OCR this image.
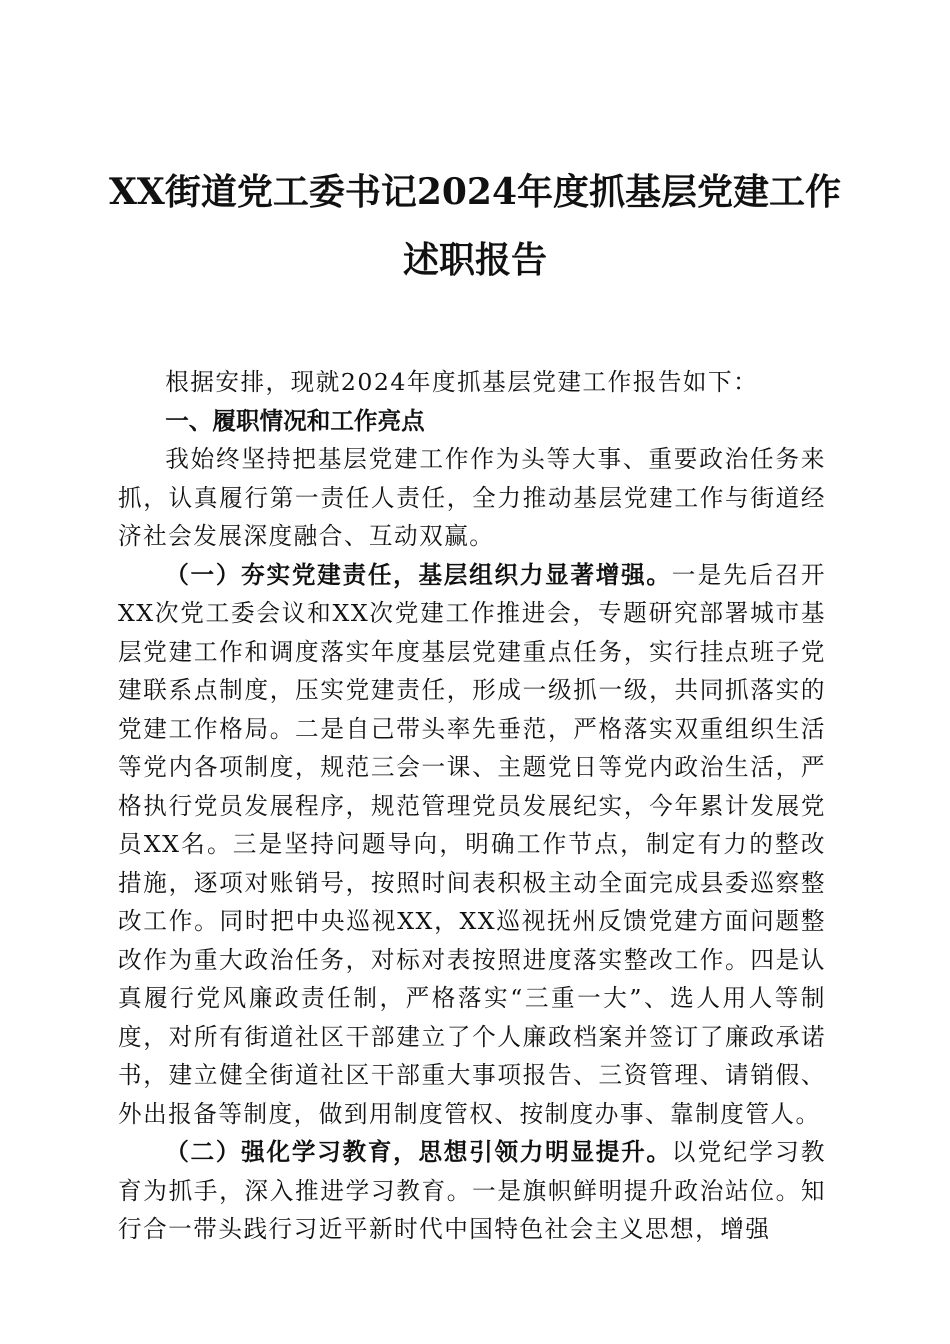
XX街道党工委书记2024年度抓基层党建工作
述职报告

根据安排，现就2024年度抓基层党建工作报告如下：

一、履职情况和工作亮点

我始终坚持把基层党建工作作为头等大事、重要政治任务来抓，认真履行第一责任人责任，全力推动基层党建工作与街道经济社会发展深度融合、互动双赢。

（一）夯实党建责任，基层组织力显著增强。一是先后召开XX次党工委会议和XX次党建工作推进会，专题研究部署城市基层党建工作和调度落实年度基层党建重点任务，实行挂点班子党建联系点制度，压实党建责任，形成一级抓一级，共同抓落实的党建工作格局。二是自己带头率先垂范，严格落实双重组织生活等党内各项制度，规范三会一课、主题党日等党内政治生活，严格执行党员发展程序，规范管理党员发展纪实，今年累计发展党员XX名。三是坚持问题导向，明确工作节点，制定有力的整改措施，逐项对账销号，按照时间表积极主动全面完成县委巡察整改工作。同时把中央巡视XX，XX巡视抚州反馈党建方面问题整改作为重大政治任务，对标对表按照进度落实整改工作。四是认真履行党风廉政责任制，严格落实“三重一大”、选人用人等制度，对所有街道社区干部建立了个人廉政档案并签订了廉政承诺书，建立健全街道社区干部重大事项报告、三资管理、请销假、外出报备等制度，做到用制度管权、按制度办事、靠制度管人。

（二）强化学习教育，思想引领力明显提升。以党纪学习教育为抓手，深入推进学习教育。一是旗帜鲜明提升政治站位。知行合一带头践行习近平新时代中国特色社会主义思想，增强
